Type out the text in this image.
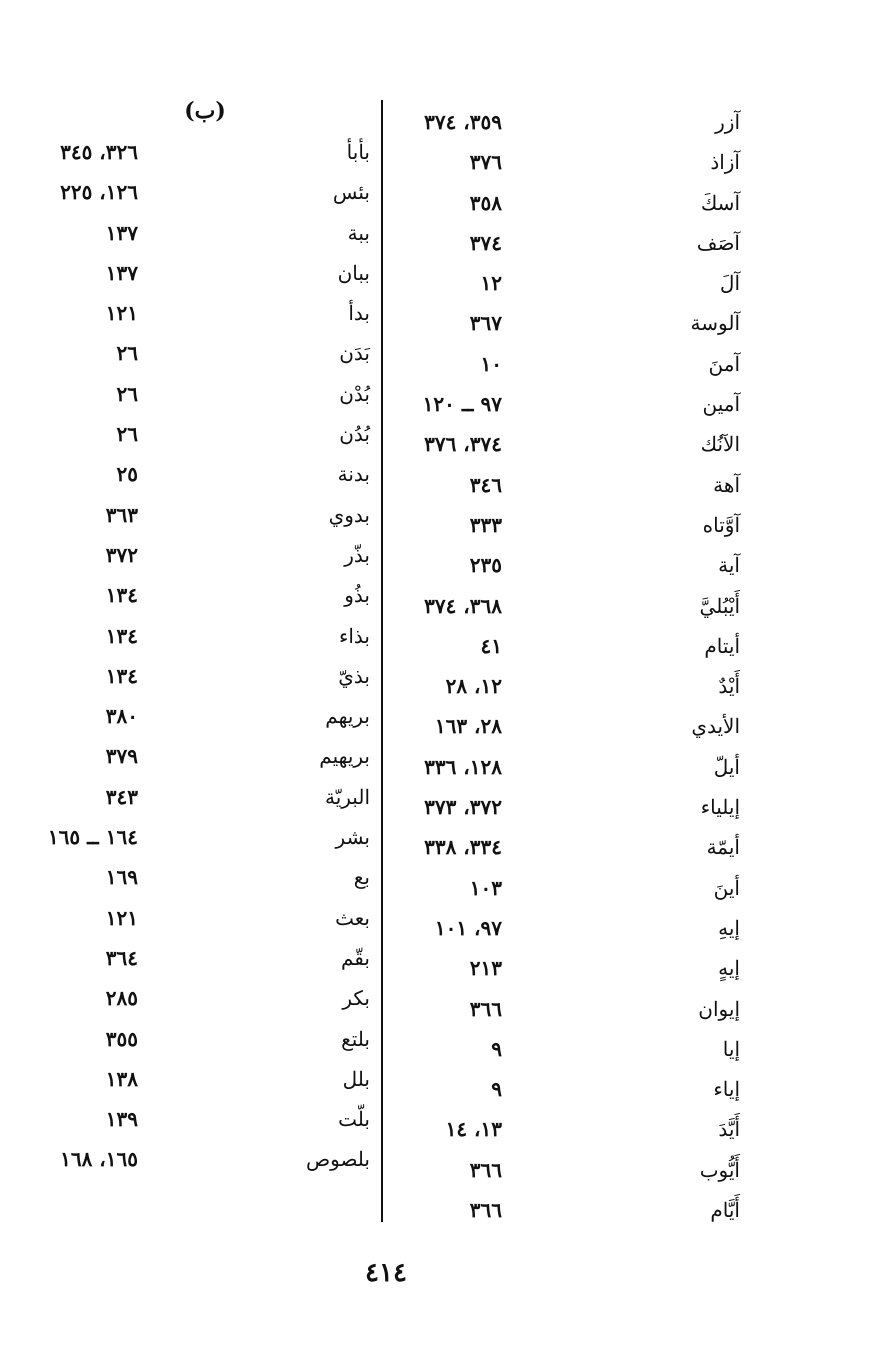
(ب)	آزر
٣٥٩، ٣٧٤
آزاذ
٣٧٦
آسكَ
٣٥٨
آصَف
٣٧٤
آلَ
١٢
آلوسة
٣٦٧
آمنَ
١٠
آمين
٩٧ ــ ١٢٠
الآنُك
٣٧٤، ٣٧٦
آهة
٣٤٦
آوَّتاه
٣٣٣
آية
٢٣٥
أَيْبُليَّ
٣٦٨، ٣٧٤
أيتام
٤١
أَيْدٌ
١٢، ٢٨
الأيدي
٢٨، ١٦٣
أيلّ
١٢٨، ٣٣٦
إيلياء
٣٧٢، ٣٧٣
أيمّة
٣٣٤، ٣٣٨
أينَ
١٠٣
إيهِ
٩٧، ١٠١
إيهٍ
٢١٣
إيوان
٣٦٦
إيا
٩
إياء
٩
أَيَّدَ
١٣، ١٤
أَيُّوب
٣٦٦
أَيَّام
٣٦٦
بأبأ
٣٢٦، ٣٤٥
بئس
١٢٦، ٢٢٥
ببة
١٣٧
ببان
١٣٧
بدأ
١٢١
بَدَن
٢٦
بُدْن
٢٦
بُدُن
٢٦
بدنة
٢٥
بدوي
٣٦٣
بذّر
٣٧٢
بذُو
١٣٤
بذاء
١٣٤
بذيّ
١٣٤
بريهم
٣٨٠
بريهيم
٣٧٩
البريّة
٣٤٣
بشر
١٦٤ ــ ١٦٥
بع
١٦٩
بعث
١٢١
بقّم
٣٦٤
بكر
٢٨٥
بلتع
٣٥٥
بلل
١٣٨
بلّت
١٣٩
بلصوص
١٦٥، ١٦٨
٤١٤
